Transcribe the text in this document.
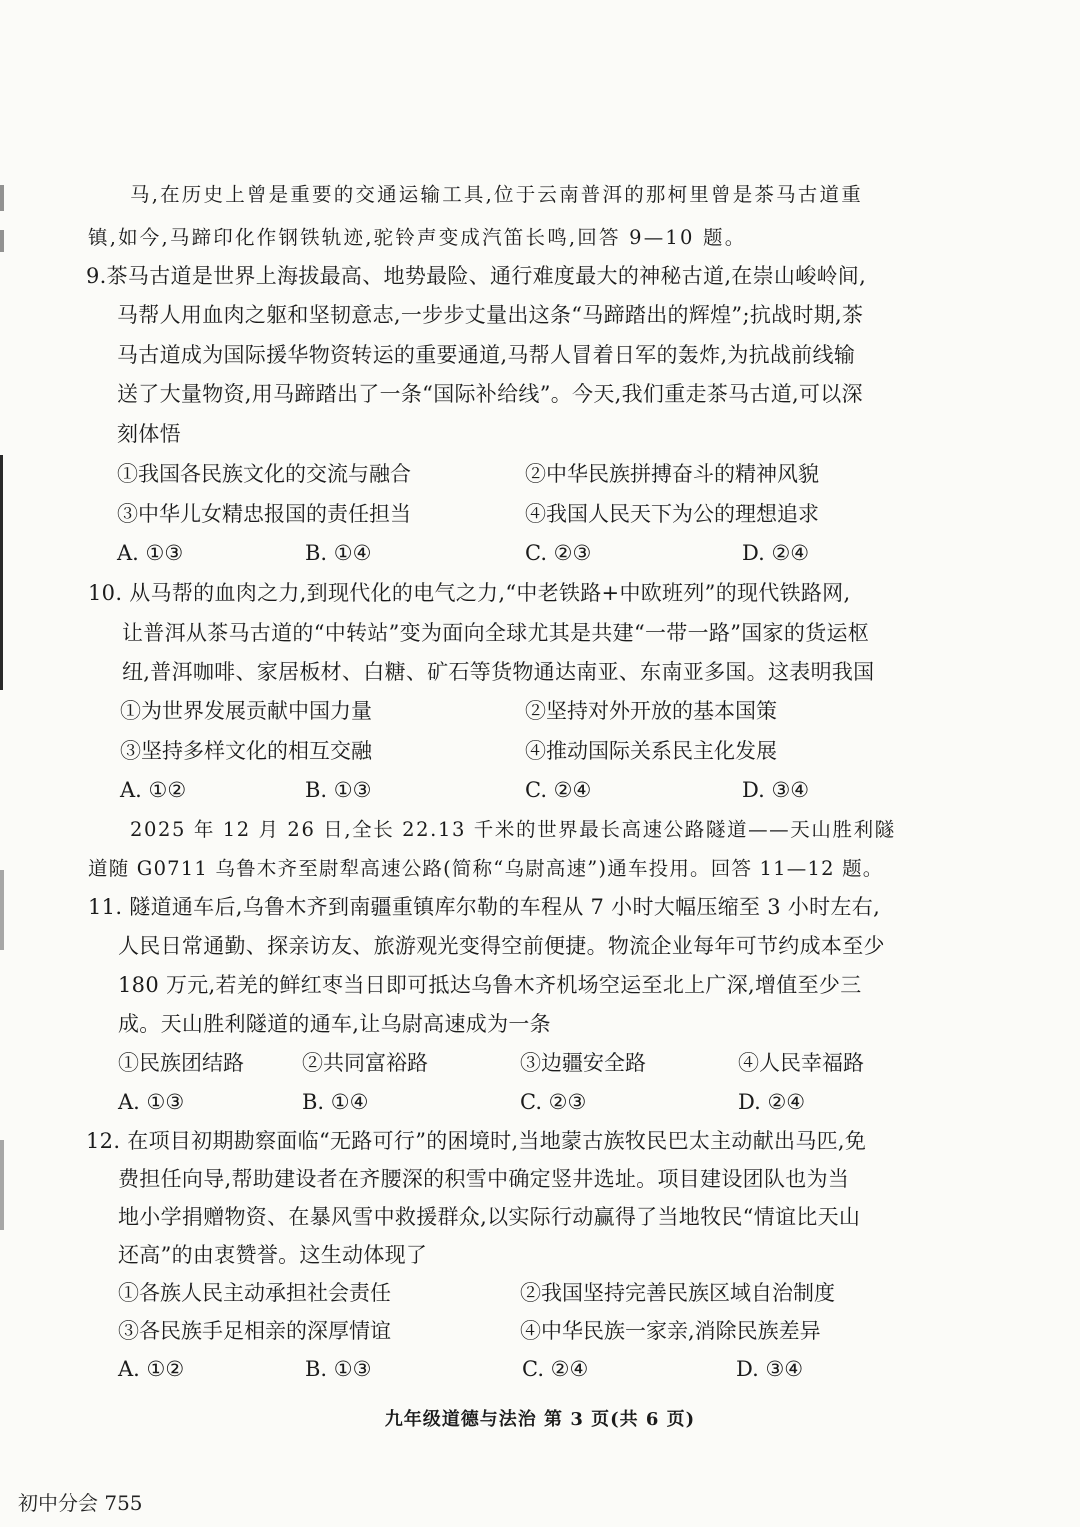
马,在历史上曾是重要的交通运输工具,位于云南普洱的那柯里曾是茶马古道重
镇,如今,马蹄印化作钢铁轨迹,驼铃声变成汽笛长鸣,回答 9—10 题。
9.茶马古道是世界上海拔最高、地势最险、通行难度最大的神秘古道,在崇山峻岭间,
马帮人用血肉之躯和坚韧意志,一步步丈量出这条“马蹄踏出的辉煌”;抗战时期,茶
马古道成为国际援华物资转运的重要通道,马帮人冒着日军的轰炸,为抗战前线输
送了大量物资,用马蹄踏出了一条“国际补给线”。今天,我们重走茶马古道,可以深
刻体悟
①我国各民族文化的交流与融合	②中华民族拼搏奋斗的精神风貌
③中华儿女精忠报国的责任担当	④我国人民天下为公的理想追求
A. ①③	B. ①④	C. ②③	D. ②④
10. 从马帮的血肉之力,到现代化的电气之力,“中老铁路+中欧班列”的现代铁路网,
让普洱从茶马古道的“中转站”变为面向全球尤其是共建“一带一路”国家的货运枢
纽,普洱咖啡、家居板材、白糖、矿石等货物通达南亚、东南亚多国。这表明我国
①为世界发展贡献中国力量	②坚持对外开放的基本国策
③坚持多样文化的相互交融	④推动国际关系民主化发展
A. ①②	B. ①③	C. ②④	D. ③④
2025 年 12 月 26 日,全长 22.13 千米的世界最长高速公路隧道——天山胜利隧
道随 G0711 乌鲁木齐至尉犁高速公路(简称“乌尉高速”)通车投用。回答 11—12 题。
11. 隧道通车后,乌鲁木齐到南疆重镇库尔勒的车程从 7 小时大幅压缩至 3 小时左右,
人民日常通勤、探亲访友、旅游观光变得空前便捷。物流企业每年可节约成本至少
180 万元,若羌的鲜红枣当日即可抵达乌鲁木齐机场空运至北上广深,增值至少三
成。天山胜利隧道的通车,让乌尉高速成为一条
①民族团结路	②共同富裕路	③边疆安全路	④人民幸福路
A. ①③	B. ①④	C. ②③	D. ②④
12. 在项目初期勘察面临“无路可行”的困境时,当地蒙古族牧民巴太主动献出马匹,免
费担任向导,帮助建设者在齐腰深的积雪中确定竖井选址。项目建设团队也为当
地小学捐赠物资、在暴风雪中救援群众,以实际行动赢得了当地牧民“情谊比天山
还高”的由衷赞誉。这生动体现了
①各族人民主动承担社会责任	②我国坚持完善民族区域自治制度
③各民族手足相亲的深厚情谊	④中华民族一家亲,消除民族差异
A. ①②	B. ①③	C. ②④	D. ③④
九年级道德与法治 第 3 页(共 6 页)
初中分会 755
